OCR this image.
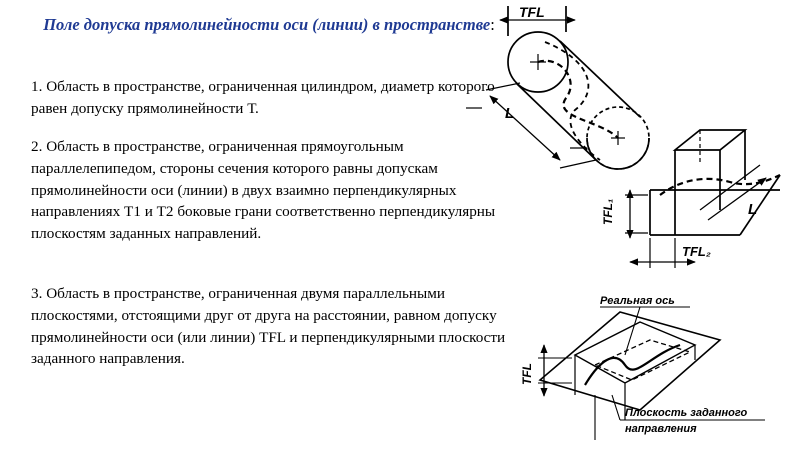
Поле допуска прямолинейности оси (линии) в пространстве:

1. Область в пространстве, ограниченная цилиндром, диаметр которого равен допуску прямолинейности Т.

2. Область в пространстве, ограниченная прямоугольным параллелепипедом, стороны сечения которого равны допускам прямолинейности оси (линии) в двух взаимно перпендикулярных направлениях Т1 и Т2 боковые грани соответственно перпендикулярны плоскостям заданных направлений.

3. Область в пространстве, ограниченная двумя параллельными плоскостями, отстоящими друг от друга на расстоянии, равном допуску прямолинейности оси (или линии) TFL и перпендикулярными плоскости заданного направления.

TFL
L
TFL₁
TFL₂
L
Реальная ось
TFL
Плоскость заданного
направления
